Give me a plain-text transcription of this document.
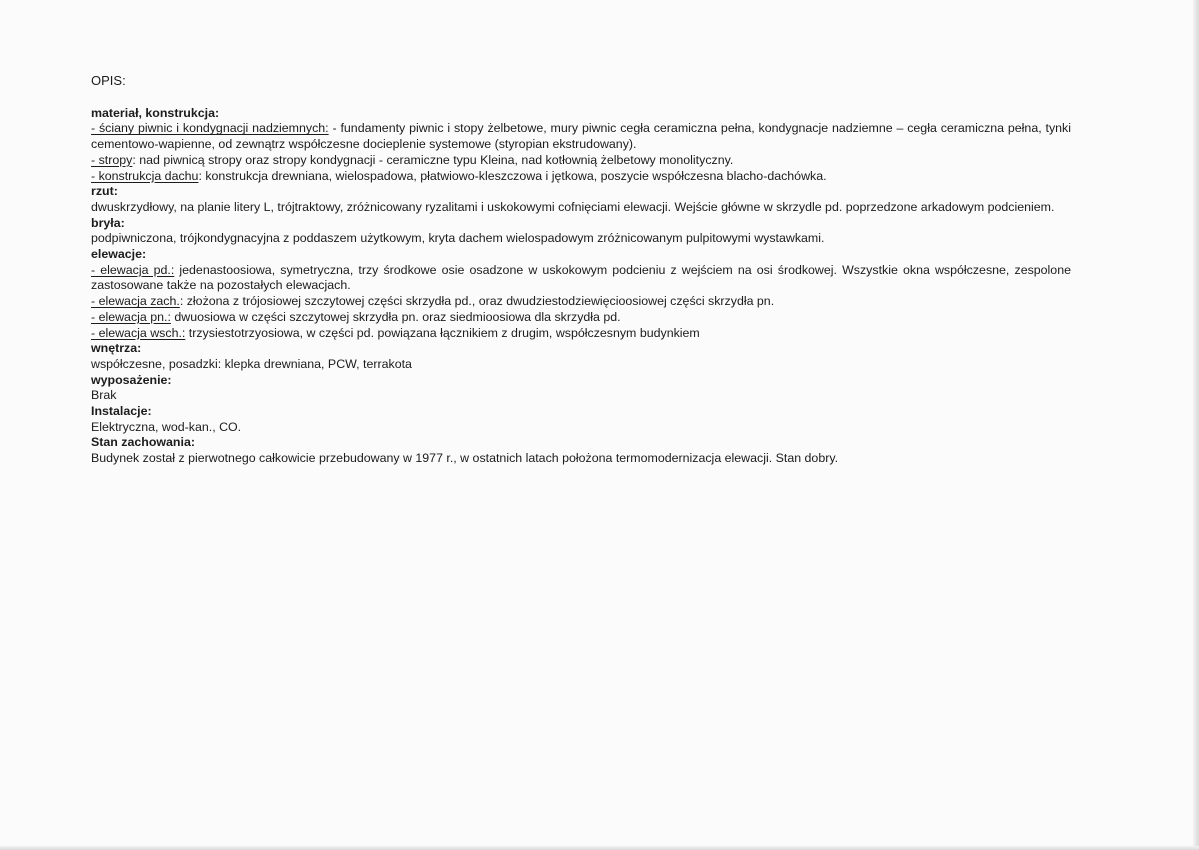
OPIS:

materiał, konstrukcja:

- ściany piwnic i kondygnacji nadziemnych: - fundamenty piwnic i stopy żelbetowe, mury piwnic cegła ceramiczna pełna, kondygnacje nadziemne – cegła ceramiczna pełna, tynki cementowo-wapienne, od zewnątrz współczesne docieplenie systemowe (styropian ekstrudowany).

- stropy: nad piwnicą stropy oraz stropy kondygnacji - ceramiczne typu Kleina, nad kotłownią żelbetowy monolityczny.

- konstrukcja dachu: konstrukcja drewniana, wielospadowa, płatwiowo-kleszczowa i jętkowa, poszycie współczesna blacho-dachówka.

rzut:

dwuskrzydłowy, na planie litery L, trójtraktowy, zróżnicowany ryzalitami i uskokowymi cofnięciami elewacji. Wejście główne w skrzydle pd. poprzedzone arkadowym podcieniem.

bryła:

podpiwniczona, trójkondygnacyjna z poddaszem użytkowym, kryta dachem wielospadowym zróżnicowanym pulpitowymi wystawkami.

elewacje:

- elewacja pd.: jedenastoosiowa, symetryczna, trzy środkowe osie osadzone w uskokowym podcieniu z wejściem na osi środkowej. Wszystkie okna współczesne, zespolone zastosowane także na pozostałych elewacjach.

- elewacja zach.: złożona z trójosiowej szczytowej części skrzydła pd., oraz dwudziestodziewięcioosiowej części skrzydła pn.

- elewacja pn.: dwuosiowa w części szczytowej skrzydła pn. oraz siedmioosiowa dla skrzydła pd.

- elewacja wsch.: trzysiestotrzyosiowa, w części pd. powiązana łącznikiem z drugim, współczesnym budynkiem

wnętrza:

współczesne, posadzki: klepka drewniana, PCW, terrakota

wyposażenie:

Brak

Instalacje:

Elektryczna, wod-kan., CO.

Stan zachowania:

Budynek został z pierwotnego całkowicie przebudowany w 1977 r., w ostatnich latach położona termomodernizacja elewacji. Stan dobry.
